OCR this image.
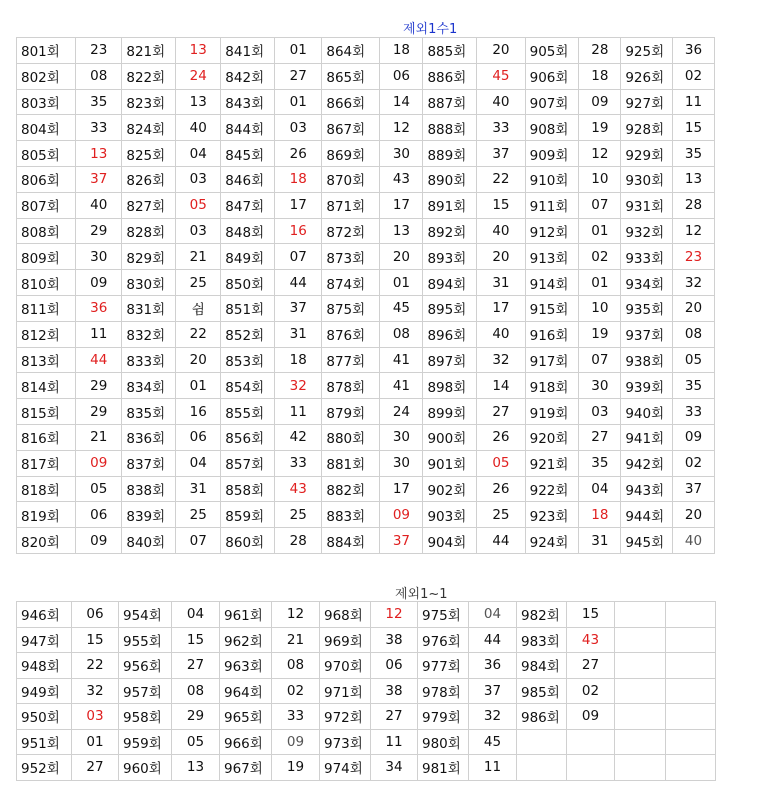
제외1수1
801회	23	821회	13	841회	01	864회	18	885회	20	905회	28	925회	36
802회	08	822회	24	842회	27	865회	06	886회	45	906회	18	926회	02
803회	35	823회	13	843회	01	866회	14	887회	40	907회	09	927회	11
804회	33	824회	40	844회	03	867회	12	888회	33	908회	19	928회	15
805회	13	825회	04	845회	26	869회	30	889회	37	909회	12	929회	35
806회	37	826회	03	846회	18	870회	43	890회	22	910회	10	930회	13
807회	40	827회	05	847회	17	871회	17	891회	15	911회	07	931회	28
808회	29	828회	03	848회	16	872회	13	892회	40	912회	01	932회	12
809회	30	829회	21	849회	07	873회	20	893회	20	913회	02	933회	23
810회	09	830회	25	850회	44	874회	01	894회	31	914회	01	934회	32
811회	36	831회	쉼	851회	37	875회	45	895회	17	915회	10	935회	20
812회	11	832회	22	852회	31	876회	08	896회	40	916회	19	937회	08
813회	44	833회	20	853회	18	877회	41	897회	32	917회	07	938회	05
814회	29	834회	01	854회	32	878회	41	898회	14	918회	30	939회	35
815회	29	835회	16	855회	11	879회	24	899회	27	919회	03	940회	33
816회	21	836회	06	856회	42	880회	30	900회	26	920회	27	941회	09
817회	09	837회	04	857회	33	881회	30	901회	05	921회	35	942회	02
818회	05	838회	31	858회	43	882회	17	902회	26	922회	04	943회	37
819회	06	839회	25	859회	25	883회	09	903회	25	923회	18	944회	20
820회	09	840회	07	860회	28	884회	37	904회	44	924회	31	945회	40
제외1~1
946회	06	954회	04	961회	12	968회	12	975회	04	982회	15		
947회	15	955회	15	962회	21	969회	38	976회	44	983회	43		
948회	22	956회	27	963회	08	970회	06	977회	36	984회	27		
949회	32	957회	08	964회	02	971회	38	978회	37	985회	02		
950회	03	958회	29	965회	33	972회	27	979회	32	986회	09		
951회	01	959회	05	966회	09	973회	11	980회	45				
952회	27	960회	13	967회	19	974회	34	981회	11				
